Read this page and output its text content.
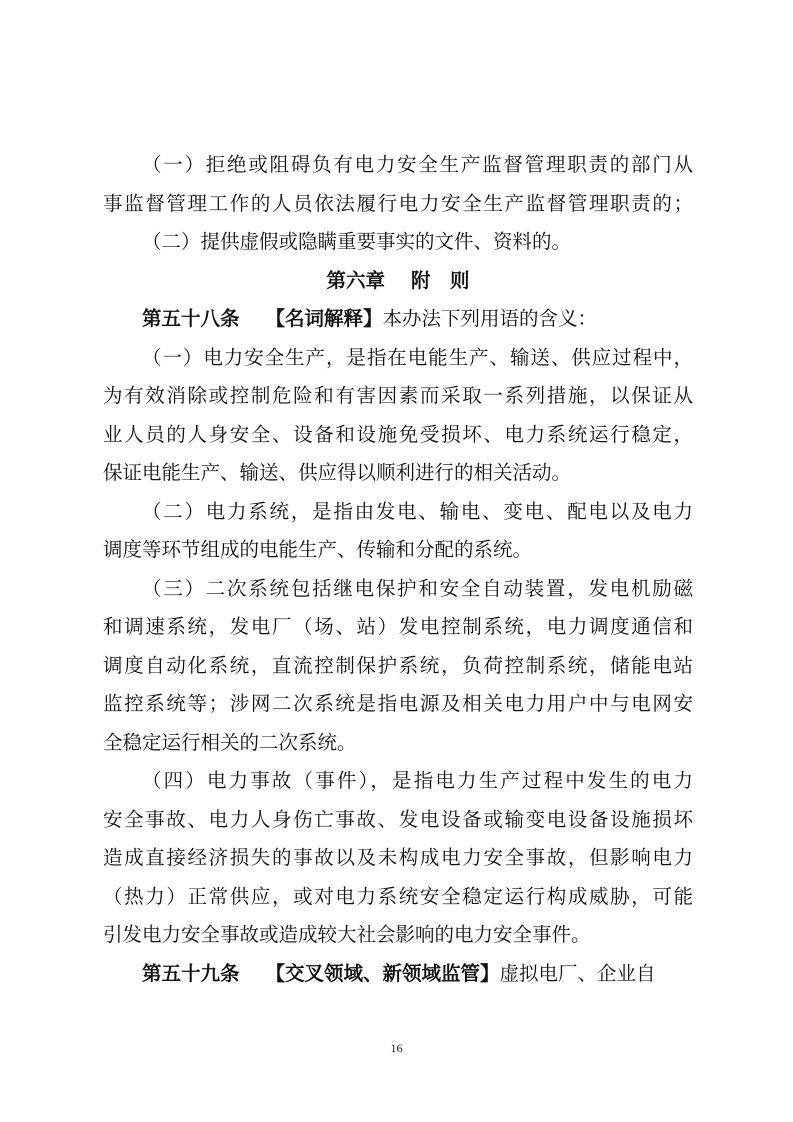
（一）拒绝或阻碍负有电力安全生产监督管理职责的部门从
事监督管理工作的人员依法履行电力安全生产监督管理职责的；
（二）提供虚假或隐瞒重要事实的文件、资料的。
第六章 附　则
第五十八条 【名词解释】本办法下列用语的含义：
（一）电力安全生产，是指在电能生产、输送、供应过程中，
为有效消除或控制危险和有害因素而采取一系列措施，以保证从
业人员的人身安全、设备和设施免受损坏、电力系统运行稳定，
保证电能生产、输送、供应得以顺利进行的相关活动。
（二）电力系统，是指由发电、输电、变电、配电以及电力
调度等环节组成的电能生产、传输和分配的系统。
（三）二次系统包括继电保护和安全自动装置，发电机励磁
和调速系统，发电厂（场、站）发电控制系统，电力调度通信和
调度自动化系统，直流控制保护系统，负荷控制系统，储能电站
监控系统等；涉网二次系统是指电源及相关电力用户中与电网安
全稳定运行相关的二次系统。
（四）电力事故（事件），是指电力生产过程中发生的电力
安全事故、电力人身伤亡事故、发电设备或输变电设备设施损坏
造成直接经济损失的事故以及未构成电力安全事故，但影响电力
（热力）正常供应，或对电力系统安全稳定运行构成威胁，可能
引发电力安全事故或造成较大社会影响的电力安全事件。
第五十九条 【交叉领域、新领域监管】虚拟电厂、企业自
16
